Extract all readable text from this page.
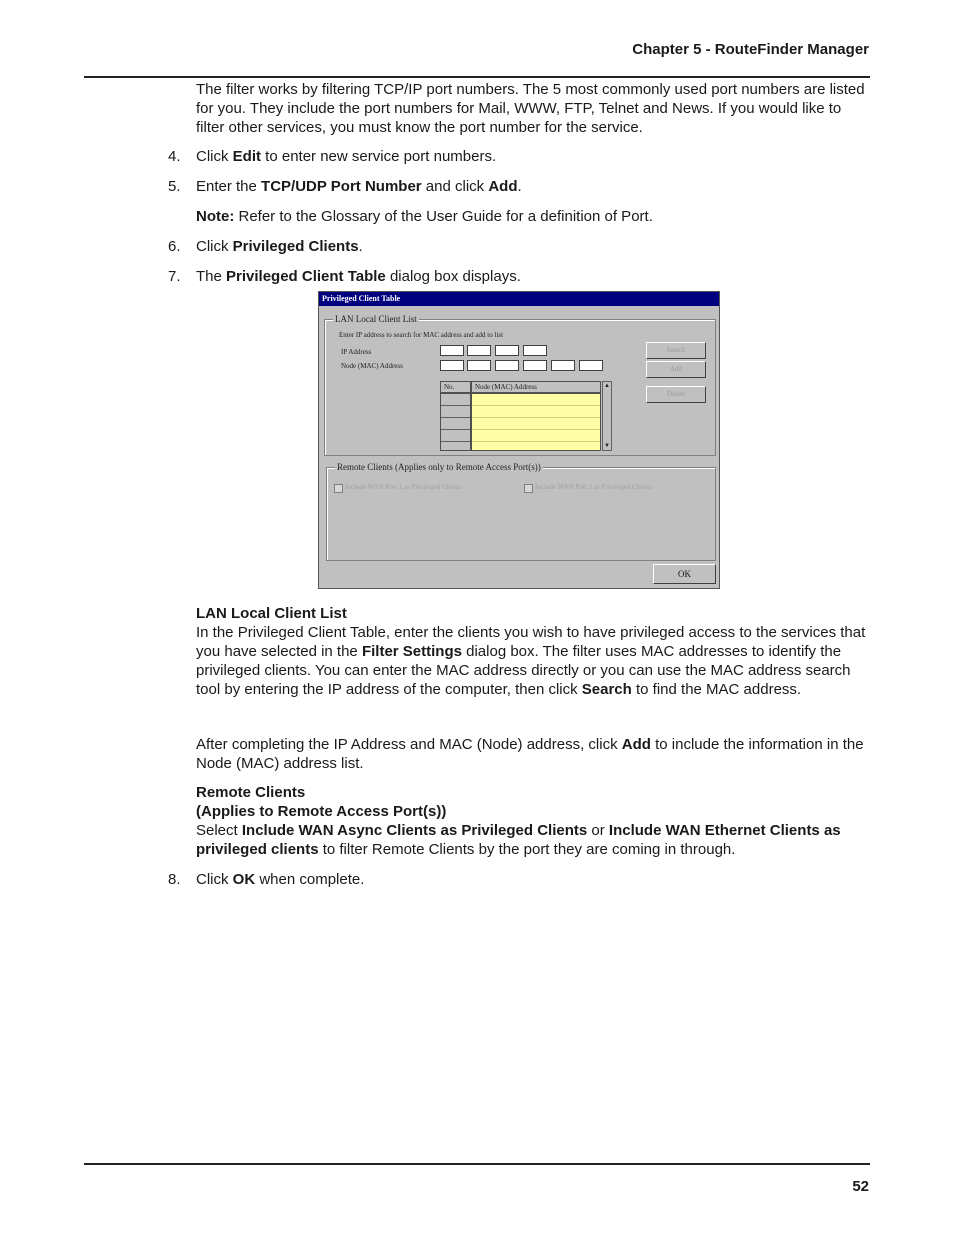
Chapter 5 - RouteFinder Manager
The filter works by filtering TCP/IP port numbers. The 5 most commonly used port numbers are listed for you. They include the port numbers for Mail, WWW, FTP, Telnet and News. If you would like to filter other services, you must know the port number for the service.
4. Click Edit to enter new service port numbers.
5. Enter the TCP/UDP Port Number and click Add.
Note: Refer to the Glossary of the User Guide for a definition of Port.
6. Click Privileged Clients.
7. The Privileged Client Table dialog box displays.
Privileged Client Table
LAN Local Client List
Enter IP address to search for MAC address and add to list
IP Address
Node (MAC) Address
Search
Add
Delete
No.	Node (MAC) Address	▲
▼
Remote Clients (Applies only to Remote Access Port(s))
Include WAN Port 1 as Privileged Clients	Include WAN Port 2 as Privileged Clients
OK
LAN Local Client List
In the Privileged Client Table, enter the clients you wish to have privileged access to the services that you have selected in the Filter Settings dialog box. The filter uses MAC addresses to identify the privileged clients. You can enter the MAC address directly or you can use the MAC address search tool by entering the IP address of the computer, then click Search to find the MAC address.
After completing the IP Address and MAC (Node) address, click Add to include the information in the Node (MAC) address list.
Remote Clients
(Applies to Remote Access Port(s))
Select Include WAN Async Clients as Privileged Clients or Include WAN Ethernet Clients as privileged clients to filter Remote Clients by the port they are coming in through.
8. Click OK when complete.
52
